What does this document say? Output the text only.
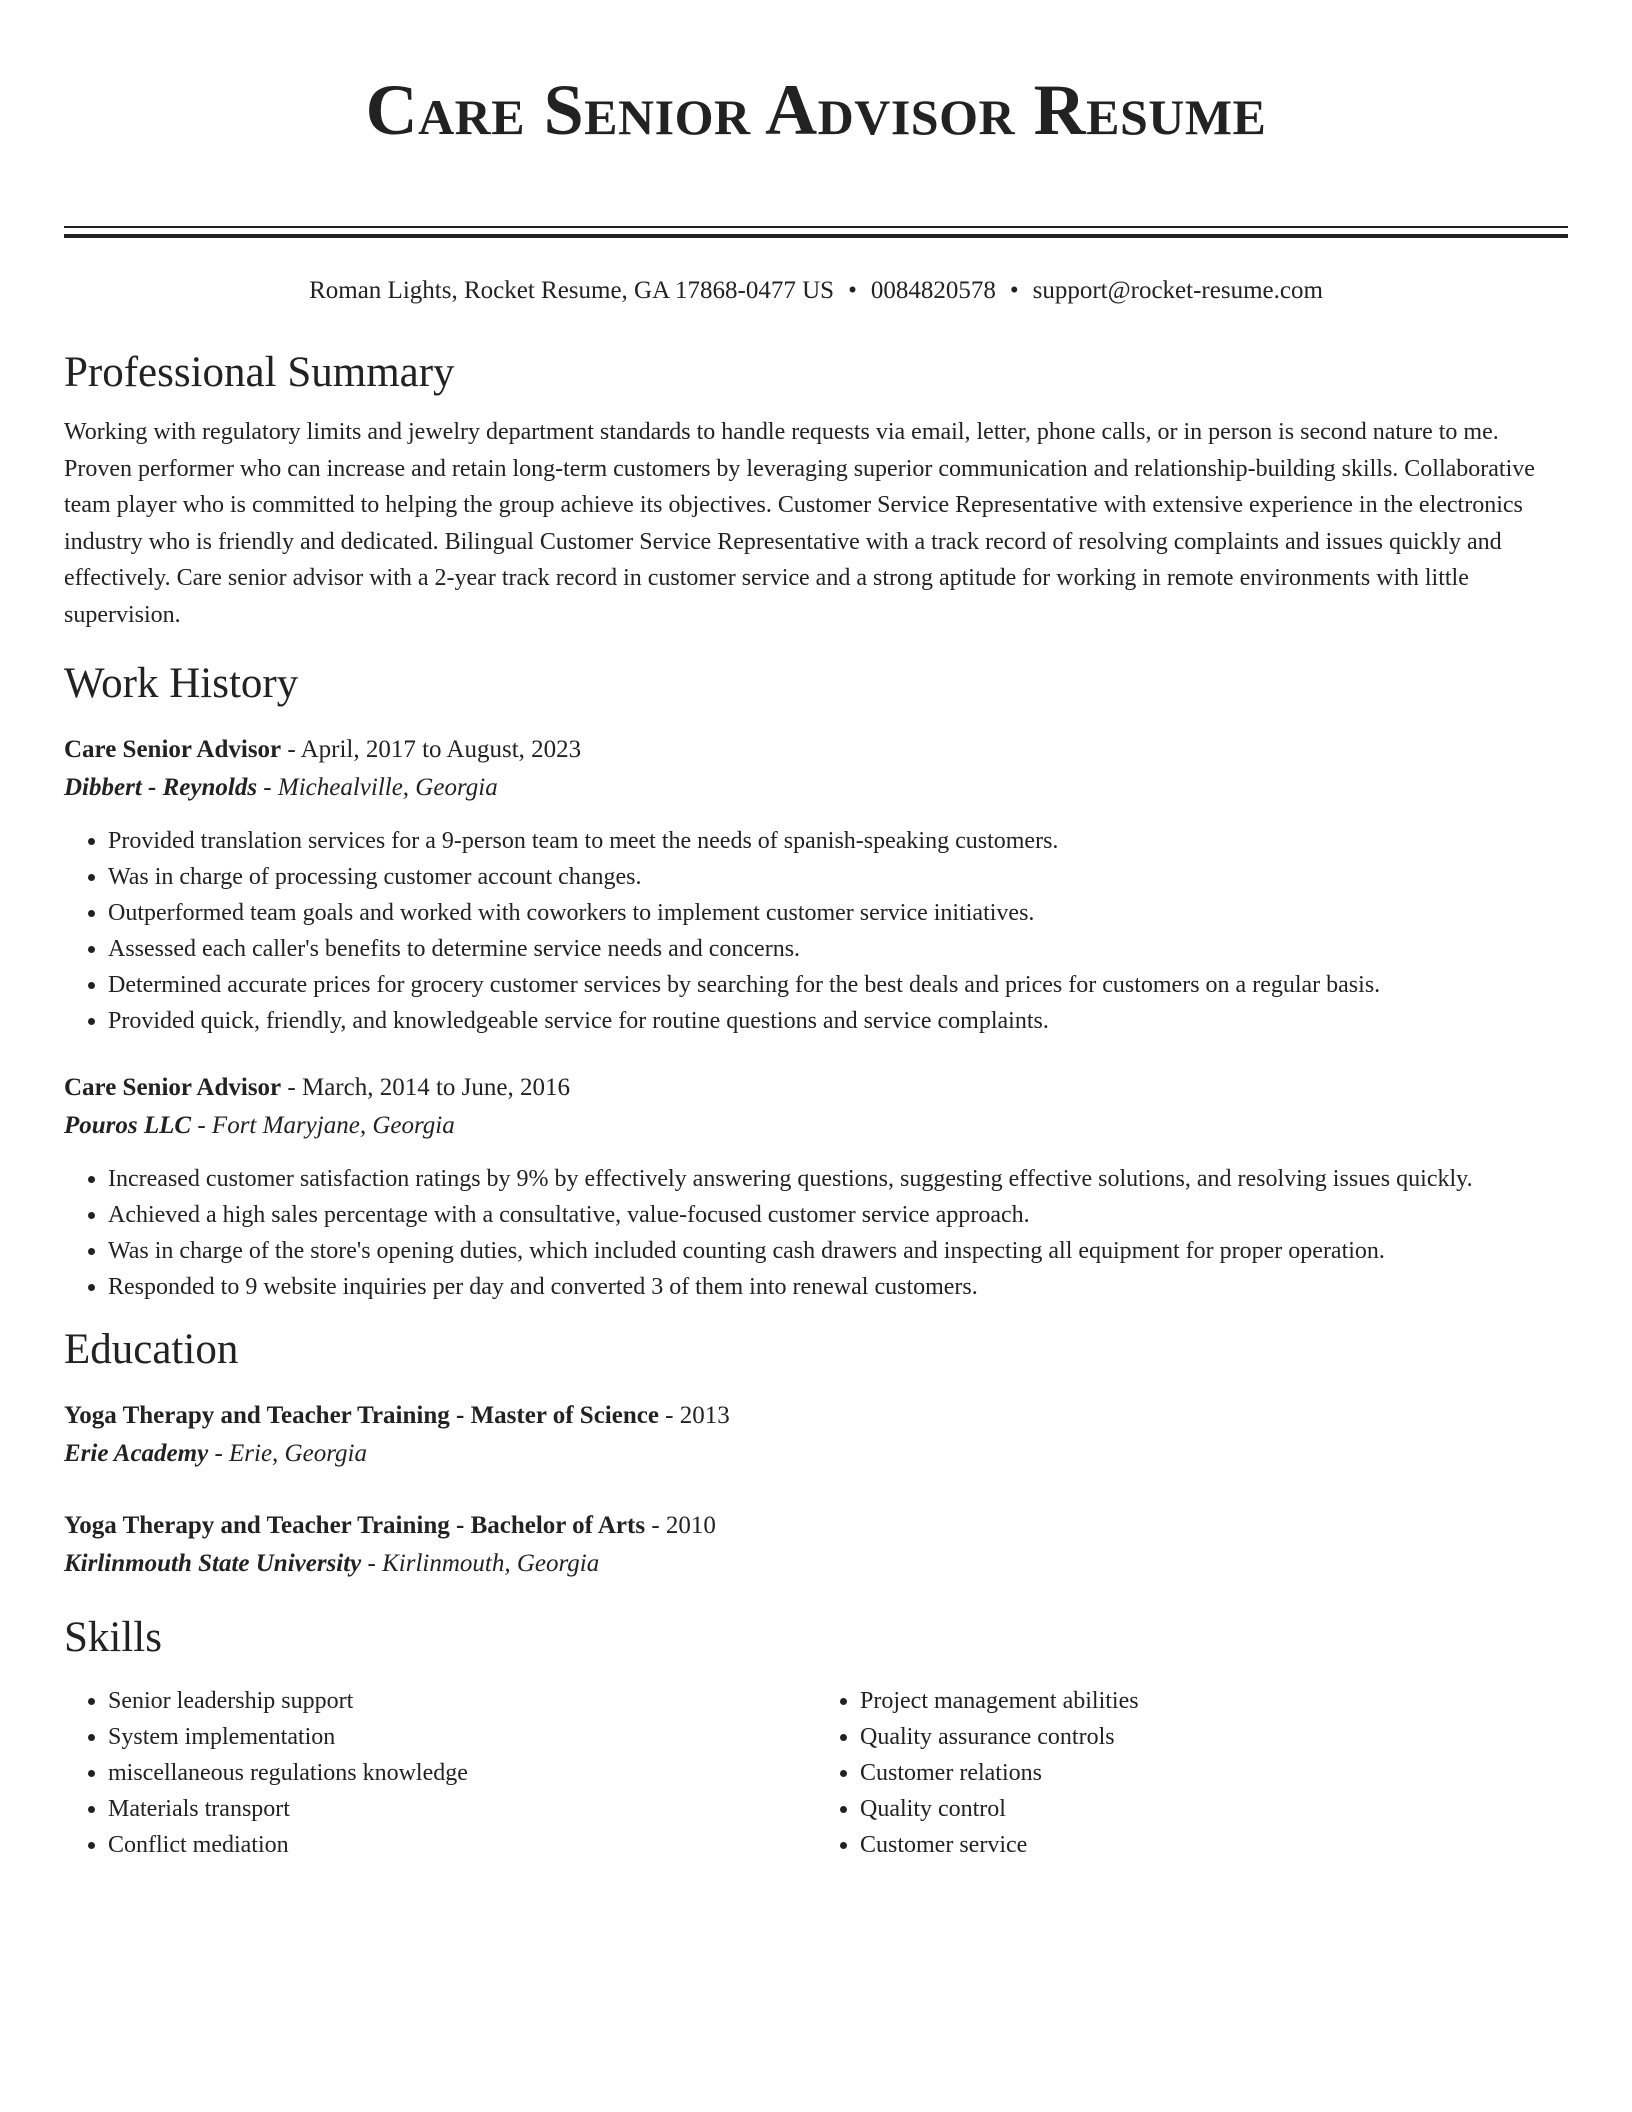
Care Senior Advisor Resume
Roman Lights, Rocket Resume, GA 17868-0477 US • 0084820578 • support@rocket-resume.com
Professional Summary
Working with regulatory limits and jewelry department standards to handle requests via email, letter, phone calls, or in person is second nature to me. Proven performer who can increase and retain long-term customers by leveraging superior communication and relationship-building skills. Collaborative team player who is committed to helping the group achieve its objectives. Customer Service Representative with extensive experience in the electronics industry who is friendly and dedicated. Bilingual Customer Service Representative with a track record of resolving complaints and issues quickly and effectively. Care senior advisor with a 2-year track record in customer service and a strong aptitude for working in remote environments with little supervision.
Work History
Care Senior Advisor - April, 2017 to August, 2023
Dibbert - Reynolds - Michealville, Georgia
• Provided translation services for a 9-person team to meet the needs of spanish-speaking customers.
• Was in charge of processing customer account changes.
• Outperformed team goals and worked with coworkers to implement customer service initiatives.
• Assessed each caller's benefits to determine service needs and concerns.
• Determined accurate prices for grocery customer services by searching for the best deals and prices for customers on a regular basis.
• Provided quick, friendly, and knowledgeable service for routine questions and service complaints.
Care Senior Advisor - March, 2014 to June, 2016
Pouros LLC - Fort Maryjane, Georgia
• Increased customer satisfaction ratings by 9% by effectively answering questions, suggesting effective solutions, and resolving issues quickly.
• Achieved a high sales percentage with a consultative, value-focused customer service approach.
• Was in charge of the store's opening duties, which included counting cash drawers and inspecting all equipment for proper operation.
• Responded to 9 website inquiries per day and converted 3 of them into renewal customers.
Education
Yoga Therapy and Teacher Training - Master of Science - 2013
Erie Academy - Erie, Georgia
Yoga Therapy and Teacher Training - Bachelor of Arts - 2010
Kirlinmouth State University - Kirlinmouth, Georgia
Skills
• Senior leadership support
• System implementation
• miscellaneous regulations knowledge
• Materials transport
• Conflict mediation
• Project management abilities
• Quality assurance controls
• Customer relations
• Quality control
• Customer service
